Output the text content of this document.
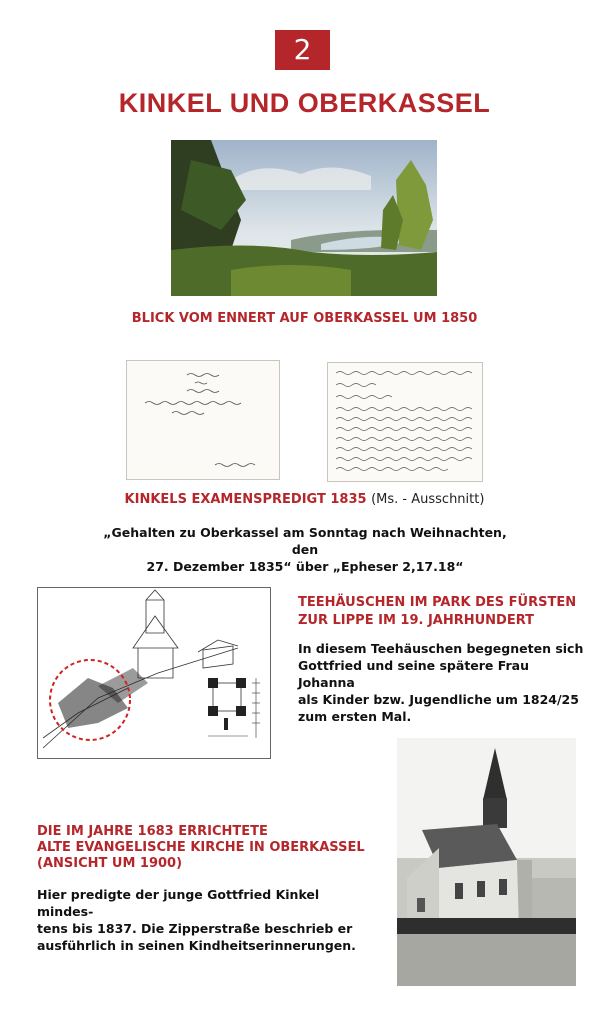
2
KINKEL UND OBERKASSEL
BLICK VOM ENNERT AUF OBERKASSEL UM 1850
KINKELS EXAMENSPREDIGT 1835 (Ms. - Ausschnitt)
„Gehalten zu Oberkassel am Sonntag nach Weihnachten, den
27. Dezember 1835“ über „Epheser 2,17.18“
TEEHÄUSCHEN IM PARK DES FÜRSTEN
ZUR LIPPE IM 19. JAHRHUNDERT
In diesem Teehäuschen begegneten sich
Gottfried und seine spätere Frau Johanna
als Kinder bzw. Jugendliche um 1824/25
zum ersten Mal.
DIE IM JAHRE 1683 ERRICHTETE
ALTE EVANGELISCHE KIRCHE IN OBERKASSEL
(ANSICHT UM 1900)
Hier predigte der junge Gottfried Kinkel mindes-
tens bis 1837. Die Zipperstraße beschrieb er
ausführlich in seinen Kindheitserinnerungen.
